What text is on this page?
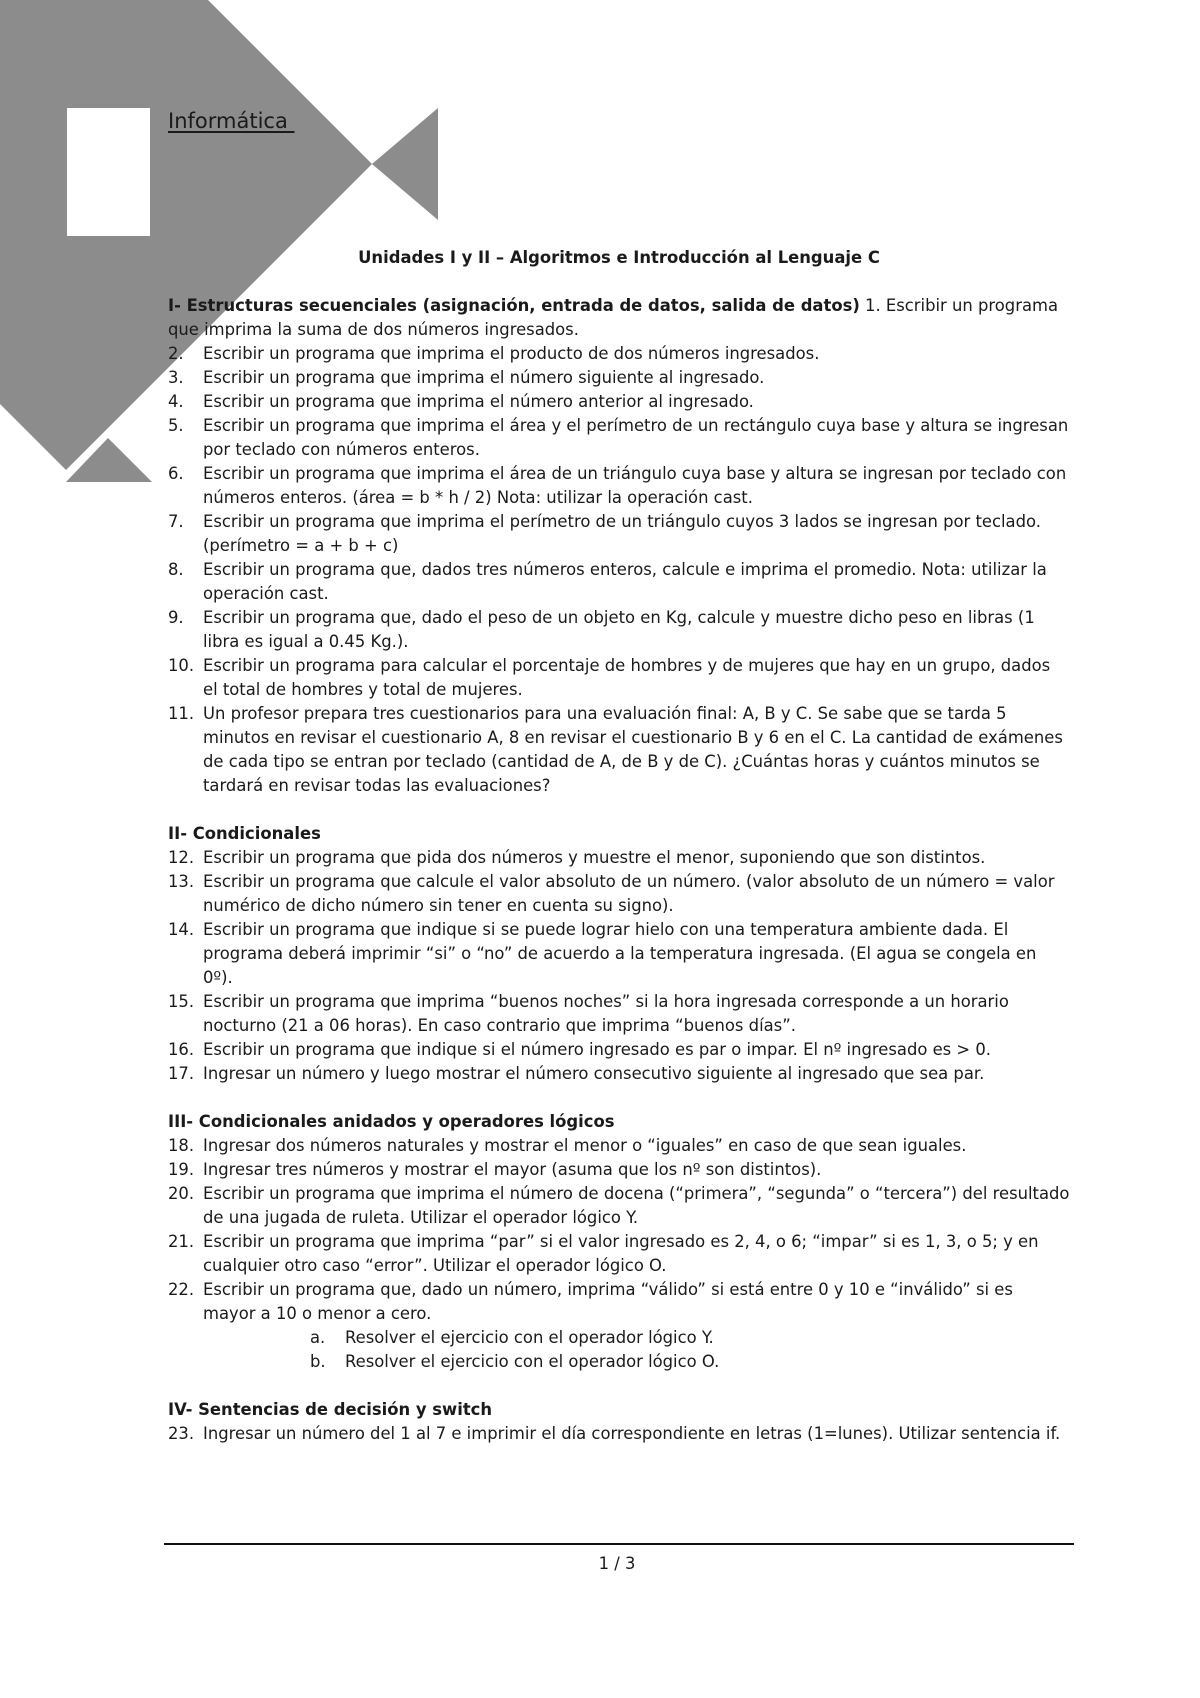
Informática
Unidades I y II – Algoritmos e Introducción al Lenguaje C
I- Estructuras secuenciales (asignación, entrada de datos, salida de datos) 1. Escribir un programa que imprima la suma de dos números ingresados.
2. Escribir un programa que imprima el producto de dos números ingresados.
3. Escribir un programa que imprima el número siguiente al ingresado.
4. Escribir un programa que imprima el número anterior al ingresado.
5. Escribir un programa que imprima el área y el perímetro de un rectángulo cuya base y altura se ingresan por teclado con números enteros.
6. Escribir un programa que imprima el área de un triángulo cuya base y altura se ingresan por teclado con números enteros. (área = b * h / 2) Nota: utilizar la operación cast.
7. Escribir un programa que imprima el perímetro de un triángulo cuyos 3 lados se ingresan por teclado. (perímetro = a + b + c)
8. Escribir un programa que, dados tres números enteros, calcule e imprima el promedio. Nota: utilizar la operación cast.
9. Escribir un programa que, dado el peso de un objeto en Kg, calcule y muestre dicho peso en libras (1 libra es igual a 0.45 Kg.).
10. Escribir un programa para calcular el porcentaje de hombres y de mujeres que hay en un grupo, dados el total de hombres y total de mujeres.
11. Un profesor prepara tres cuestionarios para una evaluación final: A, B y C. Se sabe que se tarda 5 minutos en revisar el cuestionario A, 8 en revisar el cuestionario B y 6 en el C. La cantidad de exámenes de cada tipo se entran por teclado (cantidad de A, de B y de C). ¿Cuántas horas y cuántos minutos se tardará en revisar todas las evaluaciones?
II- Condicionales
12. Escribir un programa que pida dos números y muestre el menor, suponiendo que son distintos.
13. Escribir un programa que calcule el valor absoluto de un número. (valor absoluto de un número = valor numérico de dicho número sin tener en cuenta su signo).
14. Escribir un programa que indique si se puede lograr hielo con una temperatura ambiente dada. El programa deberá imprimir “si” o “no” de acuerdo a la temperatura ingresada. (El agua se congela en 0º).
15. Escribir un programa que imprima “buenos noches” si la hora ingresada corresponde a un horario nocturno (21 a 06 horas). En caso contrario que imprima “buenos días”.
16. Escribir un programa que indique si el número ingresado es par o impar. El nº ingresado es > 0.
17. Ingresar un número y luego mostrar el número consecutivo siguiente al ingresado que sea par.
III- Condicionales anidados y operadores lógicos
18. Ingresar dos números naturales y mostrar el menor o “iguales” en caso de que sean iguales.
19. Ingresar tres números y mostrar el mayor (asuma que los nº son distintos).
20. Escribir un programa que imprima el número de docena (“primera”, “segunda” o “tercera”) del resultado de una jugada de ruleta. Utilizar el operador lógico Y.
21. Escribir un programa que imprima “par” si el valor ingresado es 2, 4, o 6; “impar” si es 1, 3, o 5; y en cualquier otro caso “error”. Utilizar el operador lógico O.
22. Escribir un programa que, dado un número, imprima “válido” si está entre 0 y 10 e “inválido” si es mayor a 10 o menor a cero.
a. Resolver el ejercicio con el operador lógico Y.
b. Resolver el ejercicio con el operador lógico O.
IV- Sentencias de decisión y switch
23. Ingresar un número del 1 al 7 e imprimir el día correspondiente en letras (1=lunes). Utilizar sentencia if.
1 / 3
